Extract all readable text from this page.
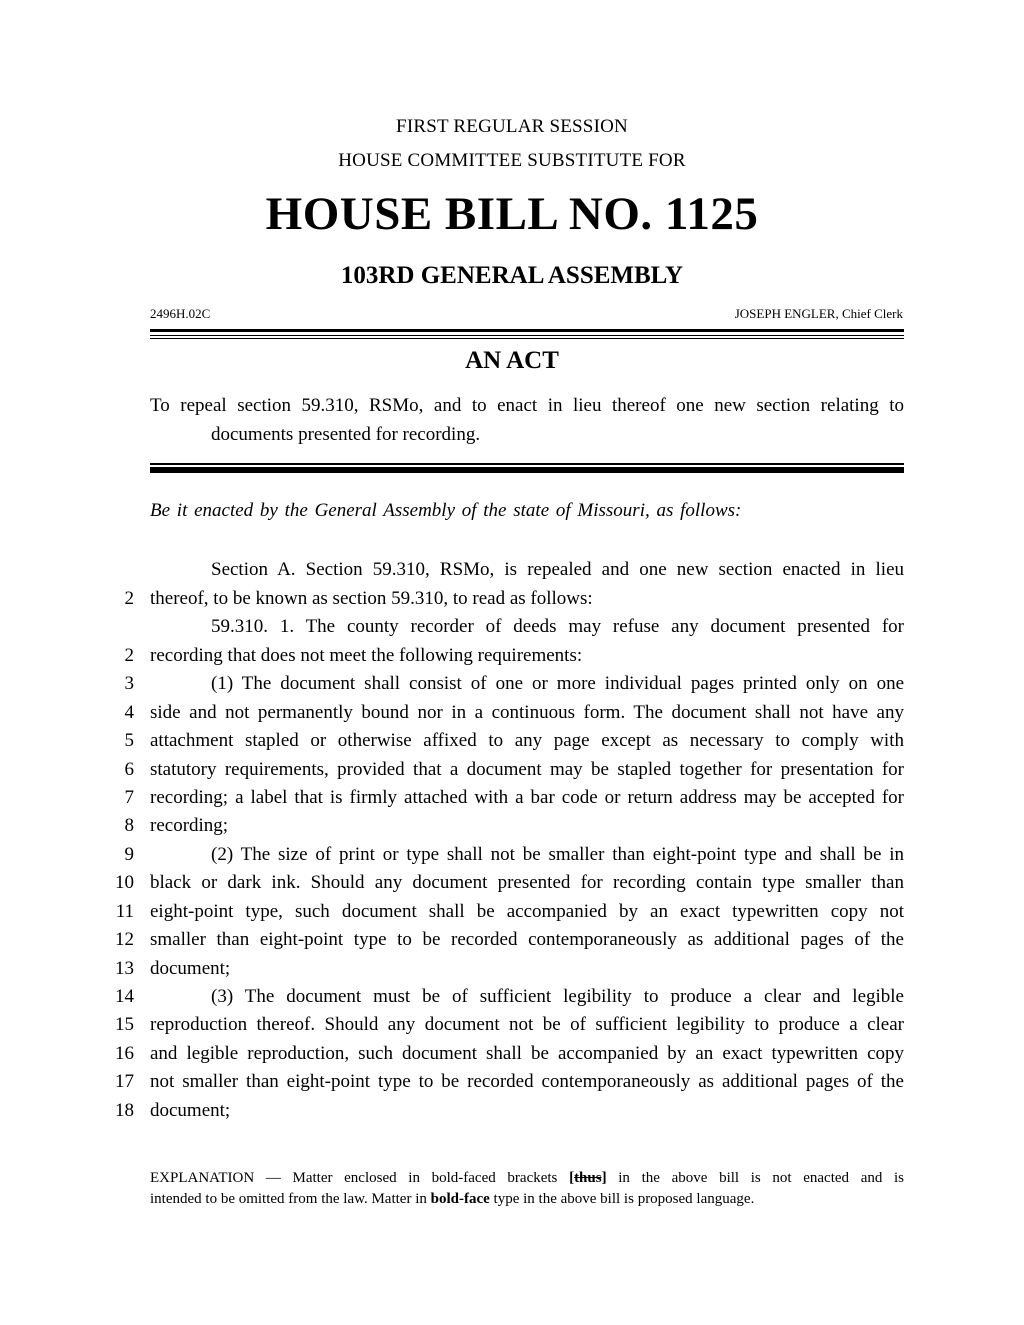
FIRST REGULAR SESSION
HOUSE COMMITTEE SUBSTITUTE FOR
HOUSE BILL NO. 1125
103RD GENERAL ASSEMBLY
2496H.02C	JOSEPH ENGLER, Chief Clerk
AN ACT
To repeal section 59.310, RSMo, and to enact in lieu thereof one new section relating to
documents presented for recording.
Be it enacted by the General Assembly of the state of Missouri, as follows:
Section A. Section 59.310, RSMo, is repealed and one new section enacted in lieu
2 thereof, to be known as section 59.310, to read as follows:
59.310. 1. The county recorder of deeds may refuse any document presented for
2 recording that does not meet the following requirements:
3	(1) The document shall consist of one or more individual pages printed only on one
4 side and not permanently bound nor in a continuous form. The document shall not have any
5 attachment stapled or otherwise affixed to any page except as necessary to comply with
6 statutory requirements, provided that a document may be stapled together for presentation for
7 recording; a label that is firmly attached with a bar code or return address may be accepted for
8 recording;
9	(2) The size of print or type shall not be smaller than eight-point type and shall be in
10 black or dark ink. Should any document presented for recording contain type smaller than
11 eight-point type, such document shall be accompanied by an exact typewritten copy not
12 smaller than eight-point type to be recorded contemporaneously as additional pages of the
13 document;
14	(3) The document must be of sufficient legibility to produce a clear and legible
15 reproduction thereof. Should any document not be of sufficient legibility to produce a clear
16 and legible reproduction, such document shall be accompanied by an exact typewritten copy
17 not smaller than eight-point type to be recorded contemporaneously as additional pages of the
18 document;
EXPLANATION — Matter enclosed in bold-faced brackets [thus] in the above bill is not enacted and is
intended to be omitted from the law. Matter in bold-face type in the above bill is proposed language.
